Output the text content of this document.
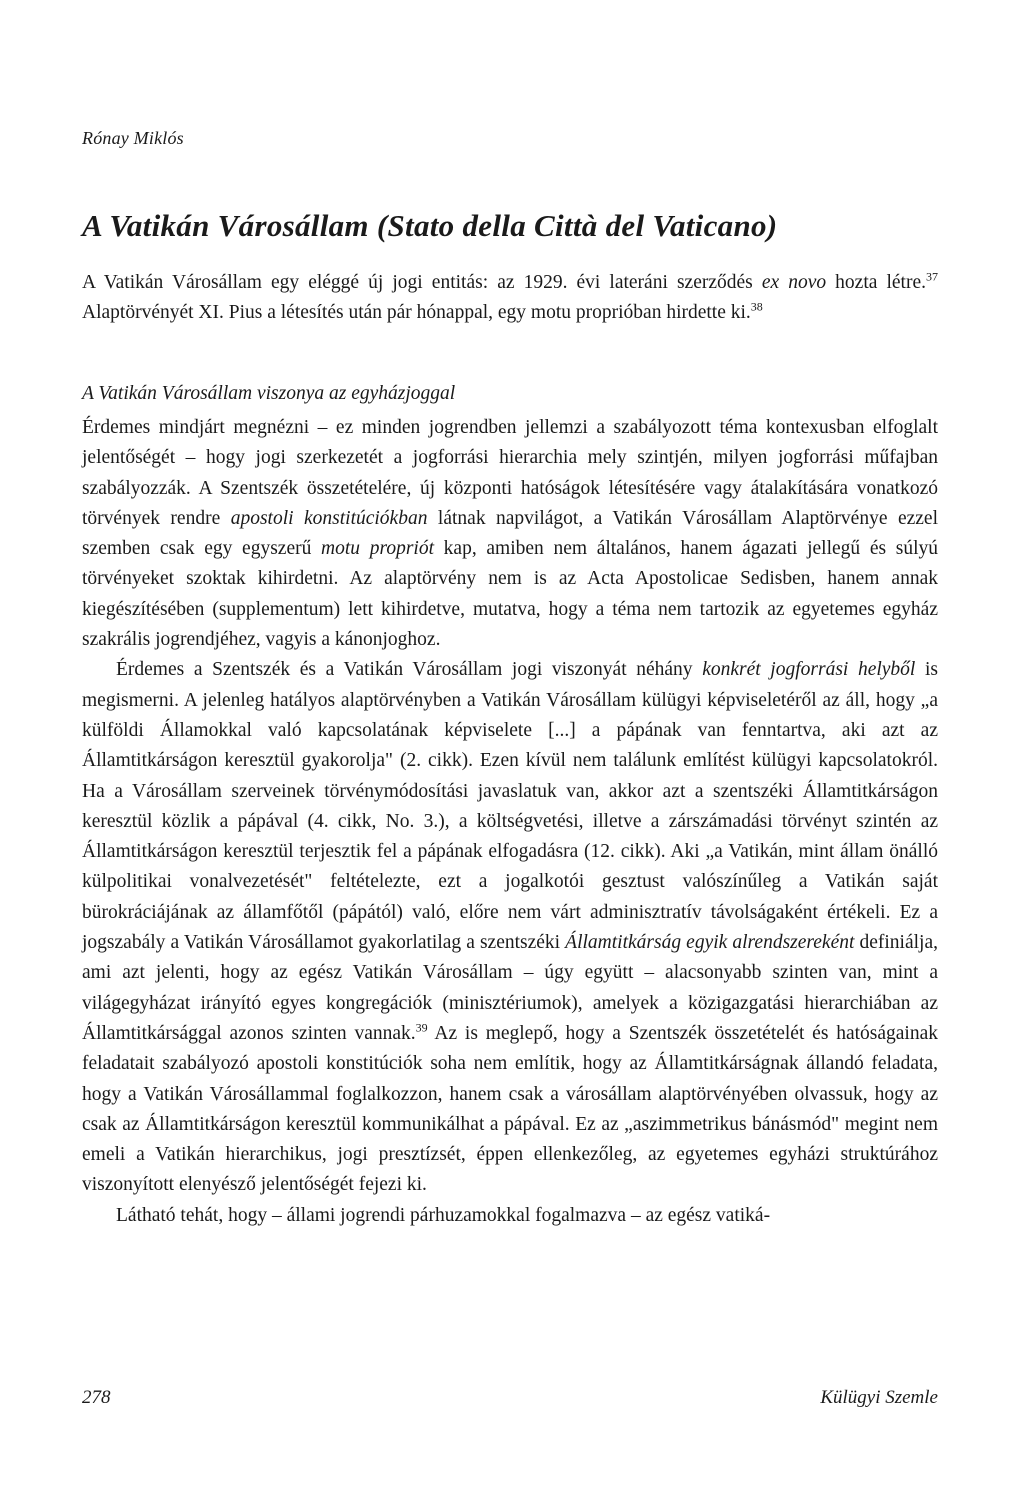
Rónay Miklós
A Vatikán Városállam (Stato della Città del Vaticano)

A Vatikán Városállam egy eléggé új jogi entitás: az 1929. évi lateráni szerződés ex novo hozta létre.$^{37}$ Alaptörvényét XI. Pius a létesítés után pár hónappal, egy motu proprióban hirdette ki.$^{38}$

A Vatikán Városállam viszonya az egyházjoggal

Érdemes mindjárt megnézni – ez minden jogrendben jellemzi a szabályozott téma kontexusban elfoglalt jelentőségét – hogy jogi szerkezetét a jogforrási hierarchia mely szintjén, milyen jogforrási műfajban szabályozzák. A Szentszék összetételére, új központi hatóságok létesítésére vagy átalakítására vonatkozó törvények rendre apostoli konstitúciókban látnak napvilágot, a Vatikán Városállam Alaptörvénye ezzel szemben csak egy egyszerű motu propriót kap, amiben nem általános, hanem ágazati jellegű és súlyú törvényeket szoktak kihirdetni. Az alaptörvény nem is az Acta Apostolicae Sedisben, hanem annak kiegészítésében (supplementum) lett kihirdetve, mutatva, hogy a téma nem tartozik az egyetemes egyház szakrális jogrendjéhez, vagyis a kánonjoghoz.

Érdemes a Szentszék és a Vatikán Városállam jogi viszonyát néhány konkrét jogforrási helyből is megismerni. A jelenleg hatályos alaptörvényben a Vatikán Városállam külügyi képviseletéről az áll, hogy „a külföldi Államokkal való kapcsolatának képviselete [...] a pápának van fenntartva, aki azt az Államtitkárságon keresztül gyakorolja" (2. cikk). Ezen kívül nem találunk említést külügyi kapcsolatokról. Ha a Városállam szerveinek törvénymódosítási javaslatuk van, akkor azt a szentszéki Államtitkárságon keresztül közlik a pápával (4. cikk, No. 3.), a költségvetési, illetve a zárszámadási törvényt szintén az Államtitkárságon keresztül terjesztik fel a pápának elfogadásra (12. cikk). Aki „a Vatikán, mint állam önálló külpolitikai vonalvezetését" feltételezte, ezt a jogalkotói gesztust valószínűleg a Vatikán saját bürokráciájának az államfőtől (pápától) való, előre nem várt adminisztratív távolságaként értékeli. Ez a jogszabály a Vatikán Városállamot gyakorlatilag a szentszéki Államtitkárság egyik alrendszereként definiálja, ami azt jelenti, hogy az egész Vatikán Városállam – úgy együtt – alacsonyabb szinten van, mint a világegyházat irányító egyes kongregációk (minisztériumok), amelyek a közigazgatási hierarchiában az Államtitkársággal azonos szinten vannak.$^{39}$ Az is meglepő, hogy a Szentszék összetételét és hatóságainak feladatait szabályozó apostoli konstitúciók soha nem említik, hogy az Államtitkárságnak állandó feladata, hogy a Vatikán Városállammal foglalkozzon, hanem csak a városállam alaptörvényében olvassuk, hogy az csak az Államtitkárságon keresztül kommunikálhat a pápával. Ez az „aszimmetrikus bánásmód" megint nem emeli a Vatikán hierarchikus, jogi presztízsét, éppen ellenkezőleg, az egyetemes egyházi struktúrához viszonyított elenyésző jelentőségét fejezi ki.

Látható tehát, hogy – állami jogrendi párhuzamokkal fogalmazva – az egész vatiká-

278	Külügyi Szemle
